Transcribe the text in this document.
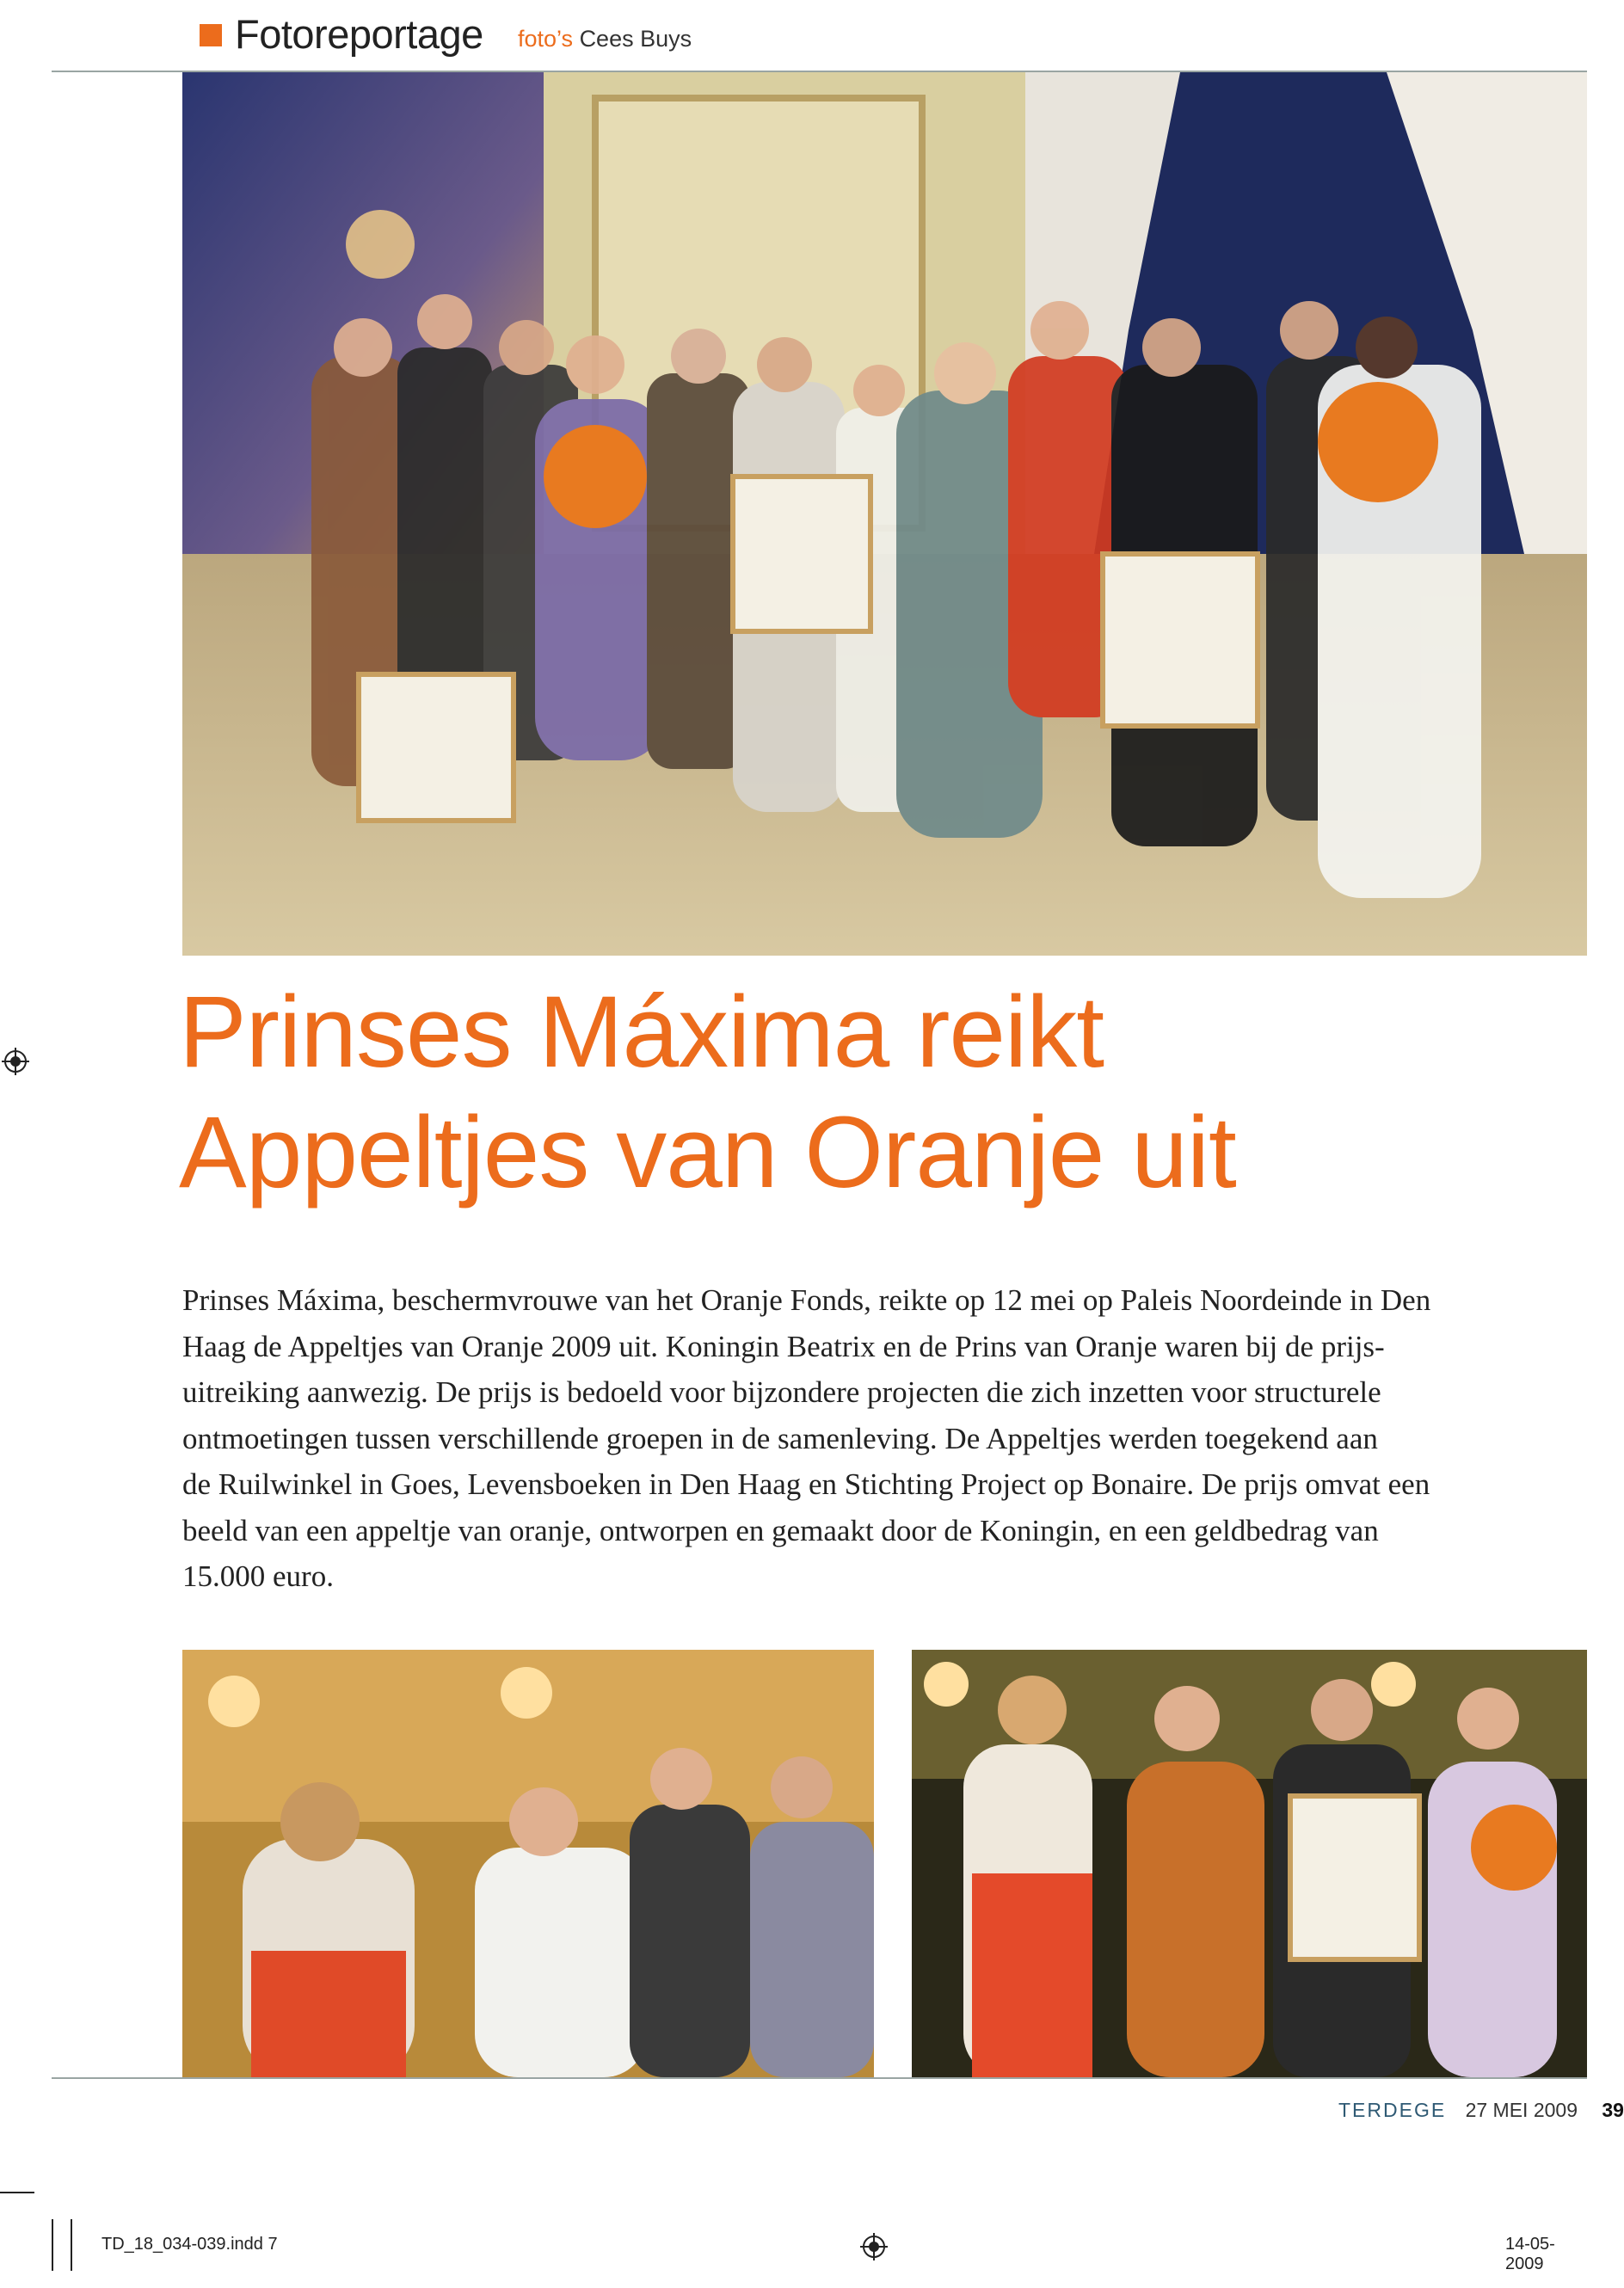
Fotoreportage foto’s Cees Buys
Prinses Máxima reikt
Appeltjes van Oranje uit
Prinses Máxima, beschermvrouwe van het Oranje Fonds, reikte op 12 mei op Paleis Noordeinde in Den
Haag de Appeltjes van Oranje 2009 uit. Koningin Beatrix en de Prins van Oranje waren bij de prijs-
uitreiking aanwezig. De prijs is bedoeld voor bijzondere projecten die zich inzetten voor structurele
ontmoetingen tussen verschillende groepen in de samenleving. De Appeltjes werden toegekend aan
de Ruilwinkel in Goes, Levensboeken in Den Haag en Stichting Project op Bonaire. De prijs omvat een
beeld van een appeltje van oranje, ontworpen en gemaakt door de Koningin, en een geldbedrag van
15.000 euro.
TERDEGE 27 MEI 2009 39
TD_18_034-039.indd 7	14-05-2009
